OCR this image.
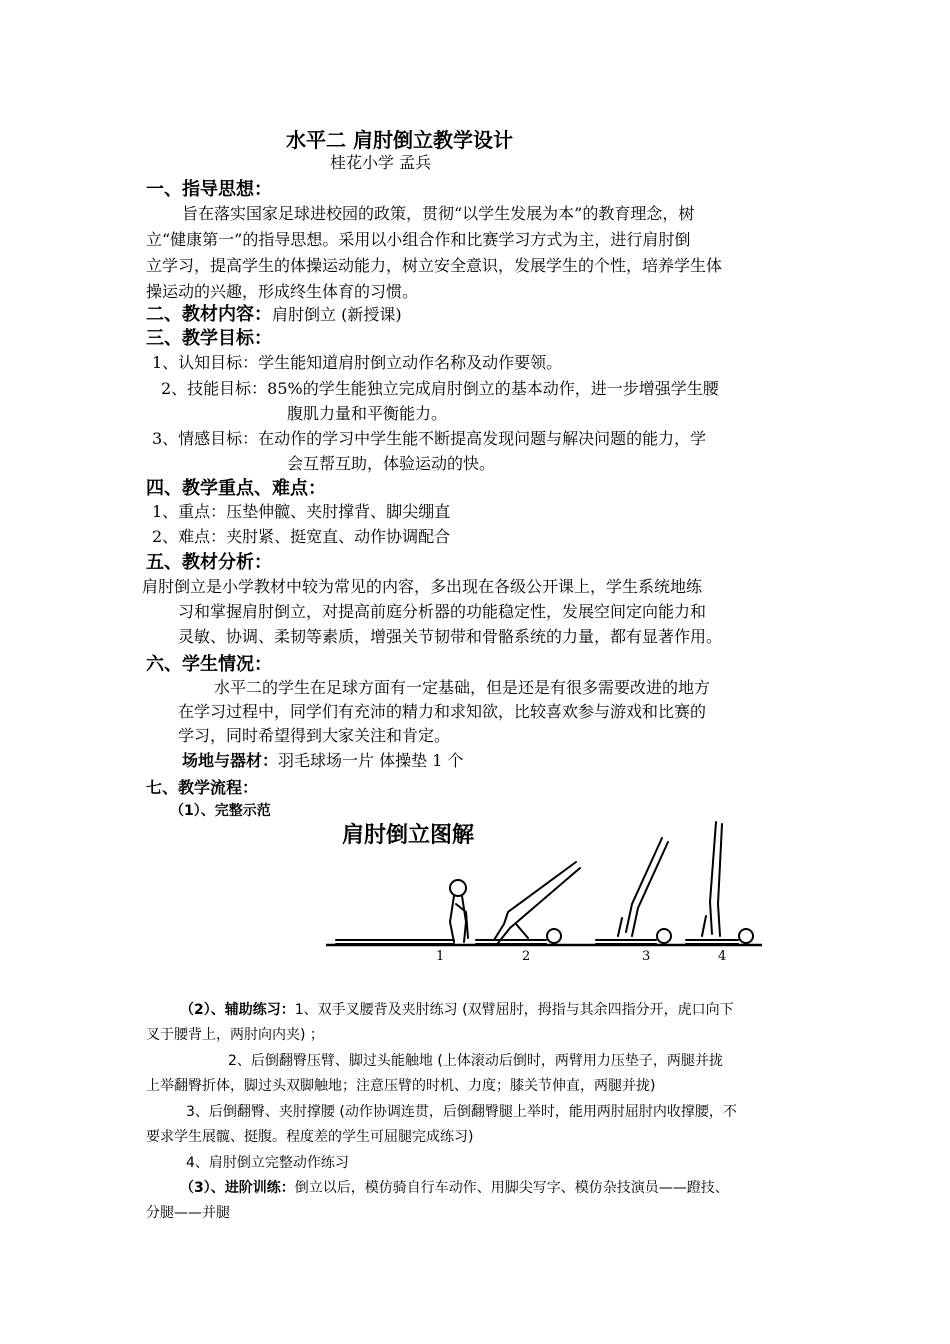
水平二 肩肘倒立教学设计
桂花小学 孟兵
一、指导思想：
旨在落实国家足球进校园的政策，贯彻“以学生发展为本”的教育理念，树
立“健康第一”的指导思想。采用以小组合作和比赛学习方式为主，进行肩肘倒
立学习，提高学生的体操运动能力，树立安全意识，发展学生的个性，培养学生体
操运动的兴趣，形成终生体育的习惯。
二、教材内容：肩肘倒立 (新授课)
三、教学目标：
1、认知目标：学生能知道肩肘倒立动作名称及动作要领。
2、技能目标：85%的学生能独立完成肩肘倒立的基本动作，进一步增强学生腰
腹肌力量和平衡能力。
3、情感目标：在动作的学习中学生能不断提高发现问题与解决问题的能力，学
会互帮互助，体验运动的快。
四、教学重点、难点：
1、重点：压垫伸髋、夹肘撑背、脚尖绷直
2、难点：夹肘紧、挺宽直、动作协调配合
五、教材分析：
肩肘倒立是小学教材中较为常见的内容，多出现在各级公开课上，学生系统地练
习和掌握肩肘倒立，对提高前庭分析器的功能稳定性，发展空间定向能力和
灵敏、协调、柔韧等素质，增强关节韧带和骨骼系统的力量，都有显著作用。
六、学生情况：
水平二的学生在足球方面有一定基础，但是还是有很多需要改进的地方
在学习过程中，同学们有充沛的精力和求知欲，比较喜欢参与游戏和比赛的
学习，同时希望得到大家关注和肯定。
场地与器材：羽毛球场一片 体操垫 1 个
七、教学流程：
（1）、完整示范
肩肘倒立图解
1	2	3	4
（2）、辅助练习：1、双手叉腰背及夹肘练习 (双臂屈肘，拇指与其余四指分开，虎口向下
叉于腰背上，两肘向内夹) ；
2、后倒翻臀压臂、脚过头能触地 (上体滚动后倒时，两臂用力压垫子，两腿并拢
上举翻臀折体，脚过头双脚触地；注意压臂的时机、力度；膝关节伸直，两腿并拢)
3、后倒翻臀、夹肘撑腰 (动作协调连贯，后倒翻臀腿上举时，能用两肘屈肘内收撑腰，不
要求学生展髋、挺腹。程度差的学生可屈腿完成练习)
4、肩肘倒立完整动作练习
（3）、进阶训练：倒立以后，模仿骑自行车动作、用脚尖写字、模仿杂技演员——蹬技、
分腿——并腿
